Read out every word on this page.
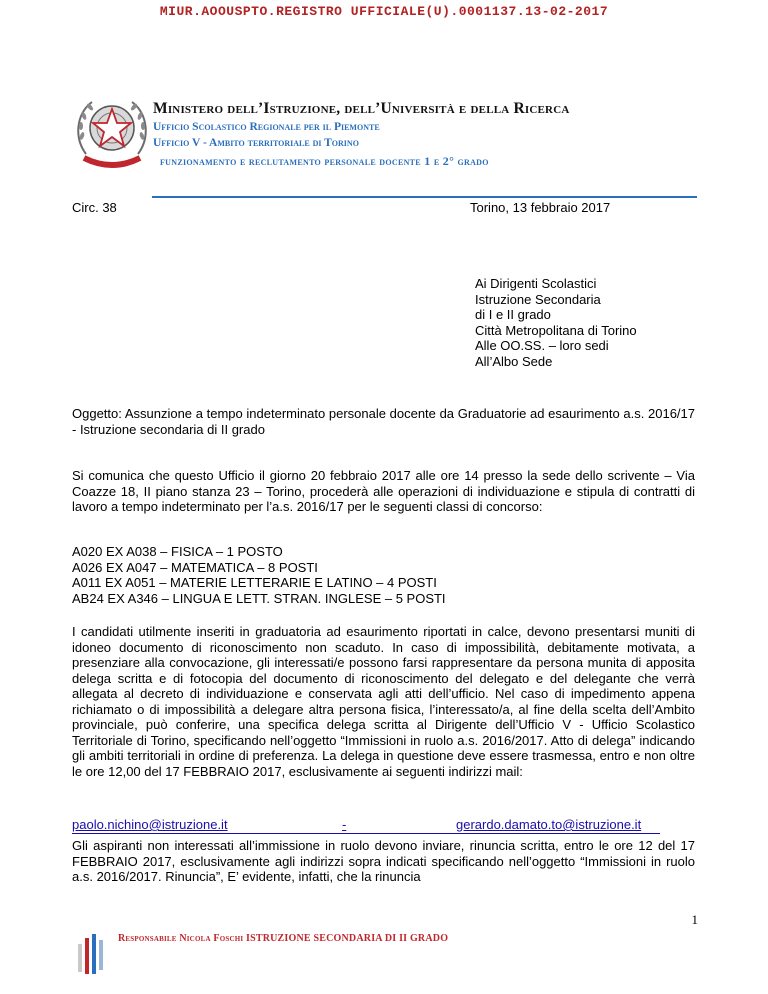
MIUR.AOOUSPTO.REGISTRO UFFICIALE(U).0001137.13-02-2017
Ministero dell’Istruzione, dell’Università e della Ricerca
Ufficio Scolastico Regionale per il Piemonte
Ufficio V - Ambito territoriale di Torino
funzionamento e reclutamento personale docente 1 e 2° grado
Circ. 38	Torino, 13 febbraio 2017
Ai Dirigenti Scolastici
Istruzione Secondaria
di I e II grado
Città Metropolitana di Torino
Alle OO.SS. – loro sedi
All’Albo Sede
Oggetto: Assunzione a tempo indeterminato personale docente da Graduatorie ad esaurimento a.s. 2016/17 - Istruzione secondaria di II grado
Si comunica che questo Ufficio il giorno 20 febbraio 2017 alle ore 14 presso la sede dello scrivente – Via Coazze 18, II piano stanza 23 – Torino, procederà alle operazioni di individuazione e stipula di contratti di lavoro a tempo indeterminato per l’a.s. 2016/17 per le seguenti classi di concorso:
A020 EX A038 – FISICA – 1 POSTO
A026 EX A047 – MATEMATICA – 8 POSTI
A011 EX A051 – MATERIE LETTERARIE E LATINO – 4 POSTI
AB24 EX A346 – LINGUA E LETT. STRAN. INGLESE – 5 POSTI
I candidati utilmente inseriti in graduatoria ad esaurimento riportati in calce, devono presentarsi muniti di idoneo documento di riconoscimento non scaduto. In caso di impossibilità, debitamente motivata, a presenziare alla convocazione, gli interessati/e possono farsi rappresentare da persona munita di apposita delega scritta e di fotocopia del documento di riconoscimento del delegato e del delegante che verrà allegata al decreto di individuazione e conservata agli atti dell’ufficio. Nel caso di impedimento appena richiamato o di impossibilità a delegare altra persona fisica, l’interessato/a, al fine della scelta dell’Ambito provinciale, può conferire, una specifica delega scritta al Dirigente dell’Ufficio V - Ufficio Scolastico Territoriale di Torino, specificando nell’oggetto “Immissioni in ruolo a.s. 2016/2017. Atto di delega” indicando gli ambiti territoriali in ordine di preferenza. La delega in questione deve essere trasmessa, entro e non oltre le ore 12,00 del 17 FEBBRAIO 2017, esclusivamente ai seguenti indirizzi mail:
paolo.nichino@istruzione.it	-	gerardo.damato.to@istruzione.it
Gli aspiranti non interessati all’immissione in ruolo devono inviare, rinuncia scritta, entro le ore 12 del 17 FEBBRAIO 2017, esclusivamente agli indirizzi sopra indicati specificando nell’oggetto “Immissioni in ruolo a.s. 2016/2017. Rinuncia”, E’ evidente, infatti, che la rinuncia
1
Responsabile Nicola Foschi ISTRUZIONE SECONDARIA DI II GRADO
